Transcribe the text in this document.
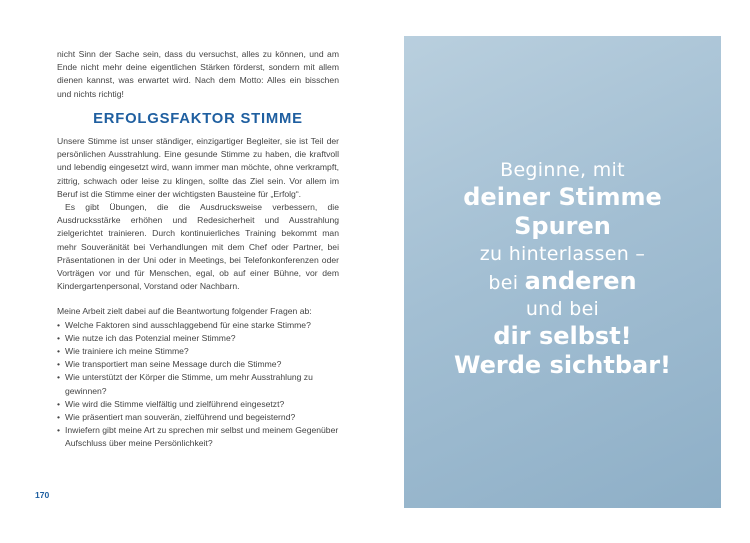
nicht Sinn der Sache sein, dass du versuchst, alles zu können, und am Ende nicht mehr deine eigentlichen Stärken förderst, sondern mit allem dienen kannst, was erwartet wird. Nach dem Motto: Alles ein bisschen und nichts richtig!

ERFOLGSFAKTOR STIMME

Unsere Stimme ist unser ständiger, einzigartiger Begleiter, sie ist Teil der persönlichen Ausstrahlung. Eine gesunde Stimme zu haben, die kraftvoll und lebendig eingesetzt wird, wann immer man möchte, ohne verkrampft, zittrig, schwach oder leise zu klingen, sollte das Ziel sein. Vor allem im Beruf ist die Stimme einer der wichtigsten Bausteine für „Erfolg“.

Es gibt Übungen, die die Ausdrucksweise verbessern, die Ausdrucksstärke erhöhen und Redesicherheit und Ausstrahlung zielgerichtet trainieren. Durch kontinuierliches Training bekommt man mehr Souveränität bei Verhandlungen mit dem Chef oder Partner, bei Präsentationen in der Uni oder in Meetings, bei Telefonkonferenzen oder Vorträgen vor und für Menschen, egal, ob auf einer Bühne, vor dem Kindergartenpersonal, Vorstand oder Nachbarn.

Meine Arbeit zielt dabei auf die Beantwortung folgender Fragen ab:

• Welche Faktoren sind ausschlaggebend für eine starke Stimme?
• Wie nutze ich das Potenzial meiner Stimme?
• Wie trainiere ich meine Stimme?
• Wie transportiert man seine Message durch die Stimme?
• Wie unterstützt der Körper die Stimme, um mehr Ausstrahlung zu gewinnen?
• Wie wird die Stimme vielfältig und zielführend eingesetzt?
• Wie präsentiert man souverän, zielführend und begeisternd?
• Inwiefern gibt meine Art zu sprechen mir selbst und meinem Gegenüber Aufschluss über meine Persönlichkeit?
170
Beginne, mit
deiner Stimme
Spuren
zu hinterlassen –
bei anderen
und bei
dir selbst!
Werde sichtbar!
